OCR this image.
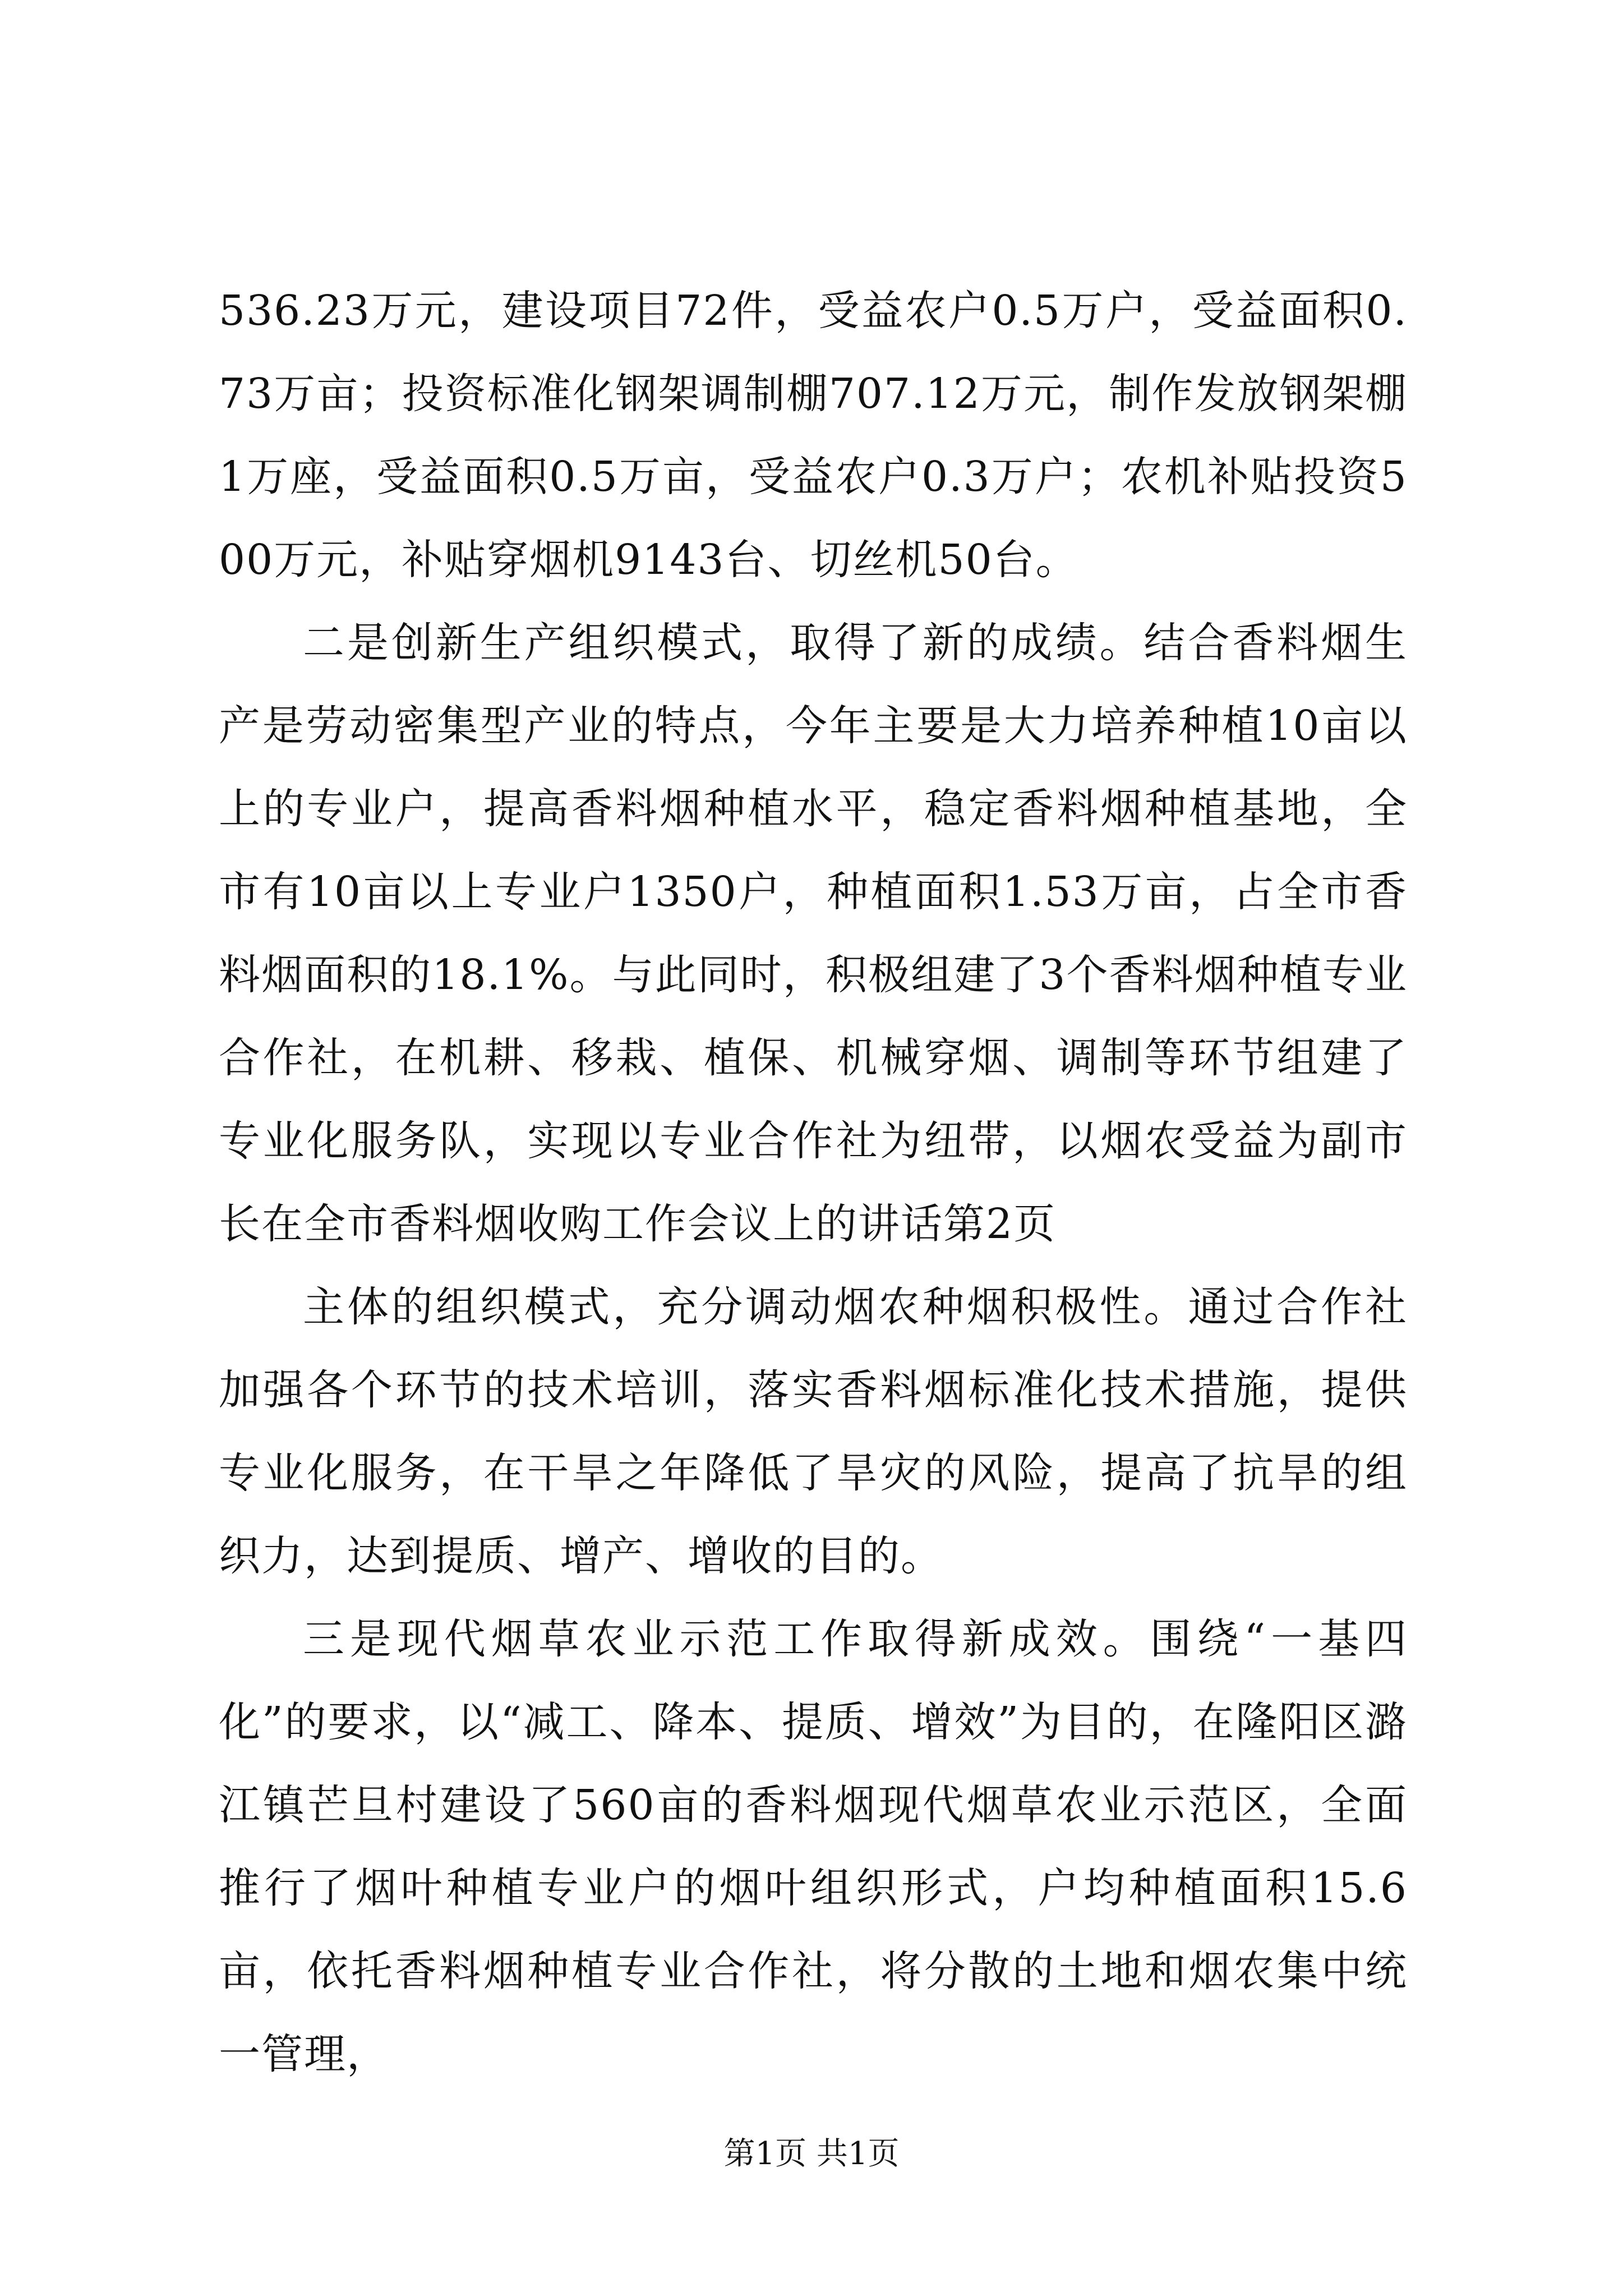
536.23万元，建设项目72件，受益农户0.5万户，受益面积0.73万亩；投资标准化钢架调制棚707.12万元，制作发放钢架棚1万座，受益面积0.5万亩，受益农户0.3万户；农机补贴投资500万元，补贴穿烟机9143台、切丝机50台。

二是创新生产组织模式，取得了新的成绩。结合香料烟生产是劳动密集型产业的特点，今年主要是大力培养种植10亩以上的专业户，提高香料烟种植水平，稳定香料烟种植基地，全市有10亩以上专业户1350户，种植面积1.53万亩，占全市香料烟面积的18.1%。与此同时，积极组建了3个香料烟种植专业合作社，在机耕、移栽、植保、机械穿烟、调制等环节组建了专业化服务队，实现以专业合作社为纽带，以烟农受益为副市长在全市香料烟收购工作会议上的讲话第2页

主体的组织模式，充分调动烟农种烟积极性。通过合作社加强各个环节的技术培训，落实香料烟标准化技术措施，提供专业化服务，在干旱之年降低了旱灾的风险，提高了抗旱的组织力，达到提质、增产、增收的目的。

三是现代烟草农业示范工作取得新成效。围绕“一基四化”的要求，以“减工、降本、提质、增效”为目的，在隆阳区潞江镇芒旦村建设了560亩的香料烟现代烟草农业示范区，全面推行了烟叶种植专业户的烟叶组织形式，户均种植面积15.6亩，依托香料烟种植专业合作社，将分散的土地和烟农集中统一管理，

第1页 共1页
